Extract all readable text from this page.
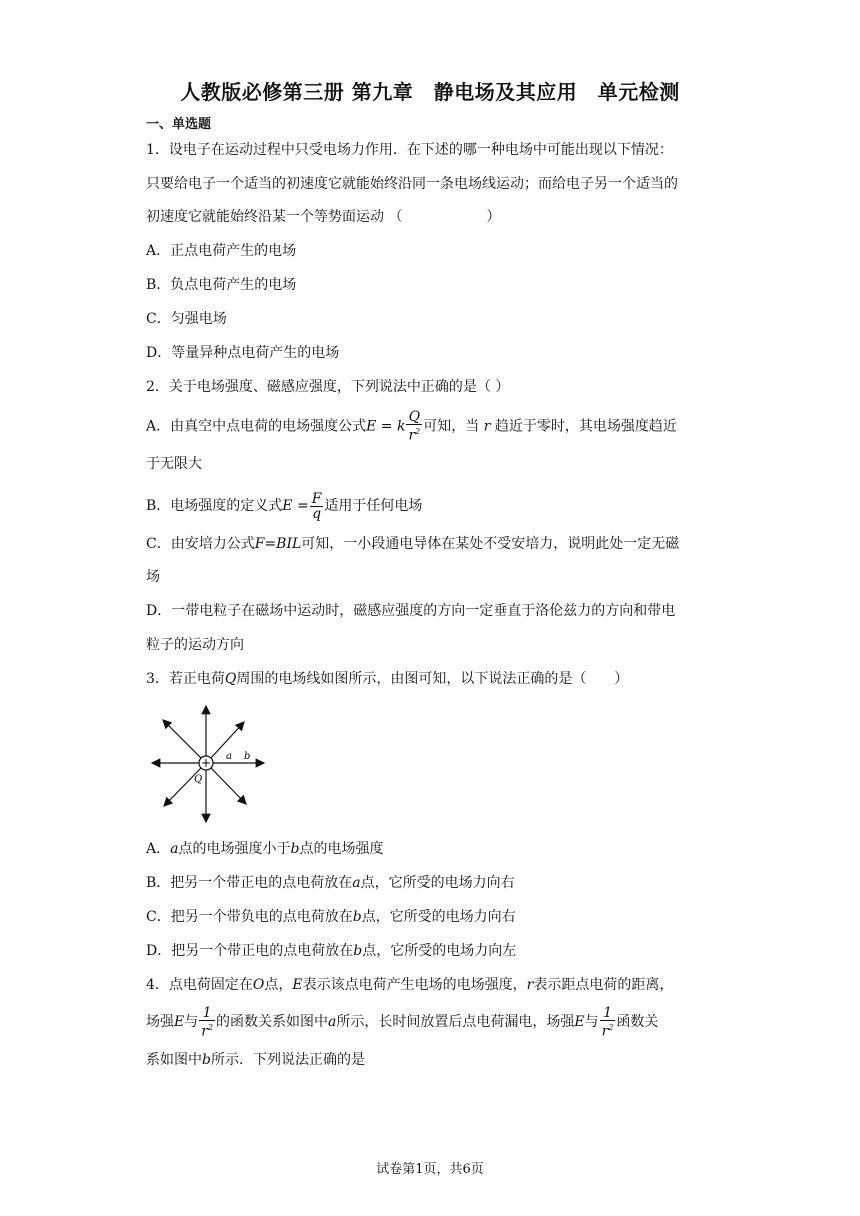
人教版必修第三册 第九章　静电场及其应用　单元检测
一、单选题
1．设电子在运动过程中只受电场力作用．在下述的哪一种电场中可能出现以下情况：
只要给电子一个适当的初速度它就能始终沿同一条电场线运动；而给电子另一个适当的
初速度它就能始终沿某一个等势面运动 （　　　　　　）
A．正点电荷产生的电场
B．负点电荷产生的电场
C．匀强电场
D．等量异种点电荷产生的电场
2．关于电场强度、磁感应强度，下列说法中正确的是（ ）
A．由真空中点电荷的电场强度公式E = k $\frac{Q}{r^2}$ 可知，当 r 趋近于零时，其电场强度趋近
于无限大
B．电场强度的定义式$E = \frac{F}{q}$ 适用于任何电场
C．由安培力公式F=BIL可知，一小段通电导体在某处不受安培力，说明此处一定无磁
场
D．一带电粒子在磁场中运动时，磁感应强度的方向一定垂直于洛伦兹力的方向和带电
粒子的运动方向
3．若正电荷Q周围的电场线如图所示，由图可知，以下说法正确的是（　　）
+ a b
Q
A．a点的电场强度小于b点的电场强度
B．把另一个带正电的点电荷放在a点，它所受的电场力向右
C．把另一个带负电的点电荷放在b点，它所受的电场力向右
D．把另一个带正电的点电荷放在b点，它所受的电场力向左
4．点电荷固定在O点，E表示该点电荷产生电场的电场强度，r表示距点电荷的距离，
场强E与 $\frac{1}{r^2}$ 的函数关系如图中a所示，长时间放置后点电荷漏电，场强E与 $\frac{1}{r^2}$ 函数关
系如图中b所示．下列说法正确的是
试卷第1页，共6页
